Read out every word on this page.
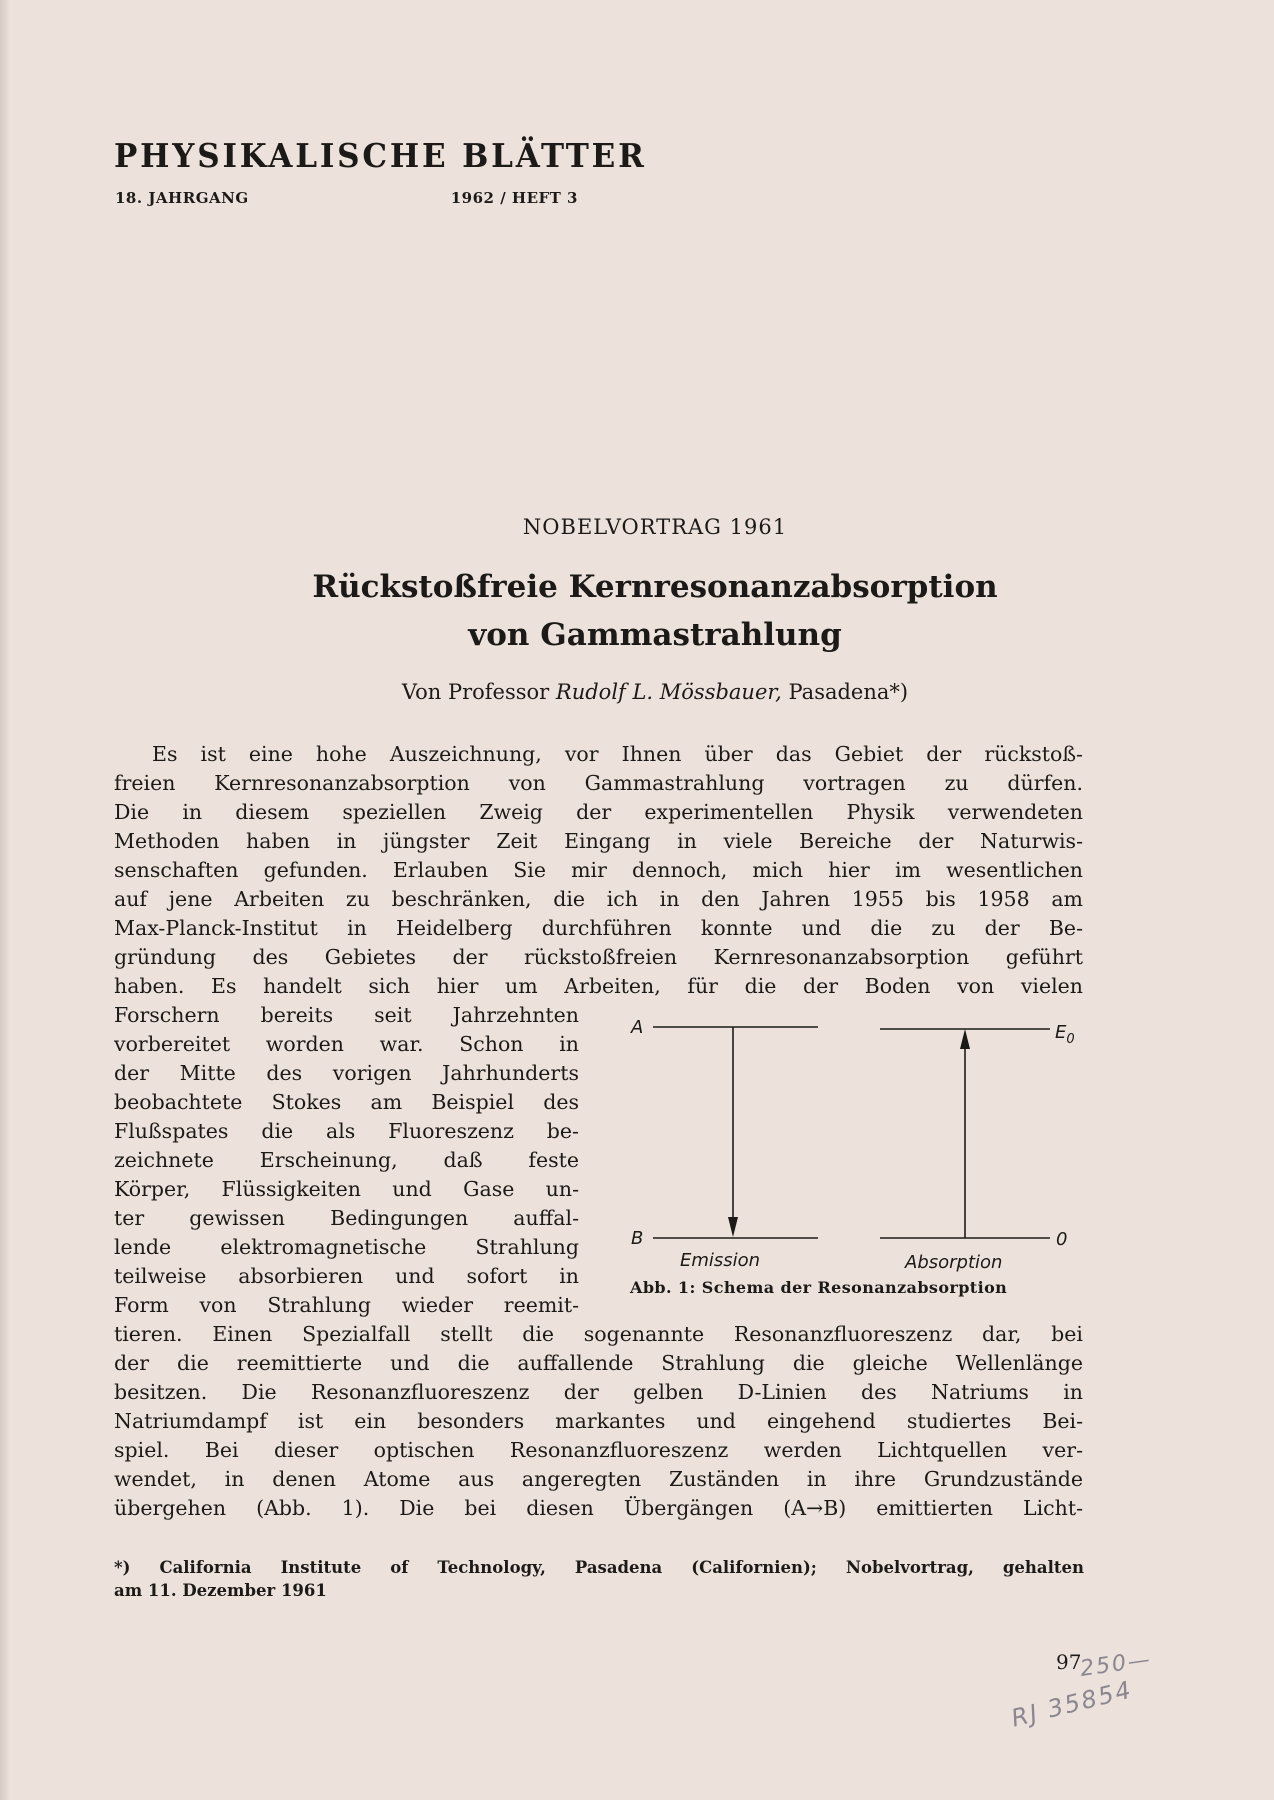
PHYSIKALISCHE BLÄTTER
18. JAHRGANG	1962 / HEFT 3
NOBELVORTRAG 1961
Rückstoßfreie Kernresonanzabsorption
von Gammastrahlung
Von Professor Rudolf L. Mössbauer, Pasadena*)
Es ist eine hohe Auszeichnung, vor Ihnen über das Gebiet der rückstoß-
freien Kernresonanzabsorption von Gammastrahlung vortragen zu dürfen.
Die in diesem speziellen Zweig der experimentellen Physik verwendeten
Methoden haben in jüngster Zeit Eingang in viele Bereiche der Naturwis-
senschaften gefunden. Erlauben Sie mir dennoch, mich hier im wesentlichen
auf jene Arbeiten zu beschränken, die ich in den Jahren 1955 bis 1958 am
Max-Planck-Institut in Heidelberg durchführen konnte und die zu der Be-
gründung des Gebietes der rückstoßfreien Kernresonanzabsorption geführt
haben. Es handelt sich hier um Arbeiten, für die der Boden von vielen
Forschern bereits seit Jahrzehnten
vorbereitet worden war. Schon in
der Mitte des vorigen Jahrhunderts
beobachtete Stokes am Beispiel des
Flußspates die als Fluoreszenz be-
zeichnete Erscheinung, daß feste
Körper, Flüssigkeiten und Gase un-
ter gewissen Bedingungen auffal-
lende elektromagnetische Strahlung
teilweise absorbieren und sofort in
Form von Strahlung wieder reemit-
tieren. Einen Spezialfall stellt die sogenannte Resonanzfluoreszenz dar, bei
der die reemittierte und die auffallende Strahlung die gleiche Wellenlänge
besitzen. Die Resonanzfluoreszenz der gelben D-Linien des Natriums in
Natriumdampf ist ein besonders markantes und eingehend studiertes Bei-
spiel. Bei dieser optischen Resonanzfluoreszenz werden Lichtquellen ver-
wendet, in denen Atome aus angeregten Zuständen in ihre Grundzustände
übergehen (Abb. 1). Die bei diesen Übergängen (A→B) emittierten Licht-
A
B
$E_0$
0
Emission	Absorption
Abb. 1: Schema der Resonanzabsorption
*) California Institute of Technology, Pasadena (Californien); Nobelvortrag, gehalten
am 11. Dezember 1961
97
250—
RJ 35854
